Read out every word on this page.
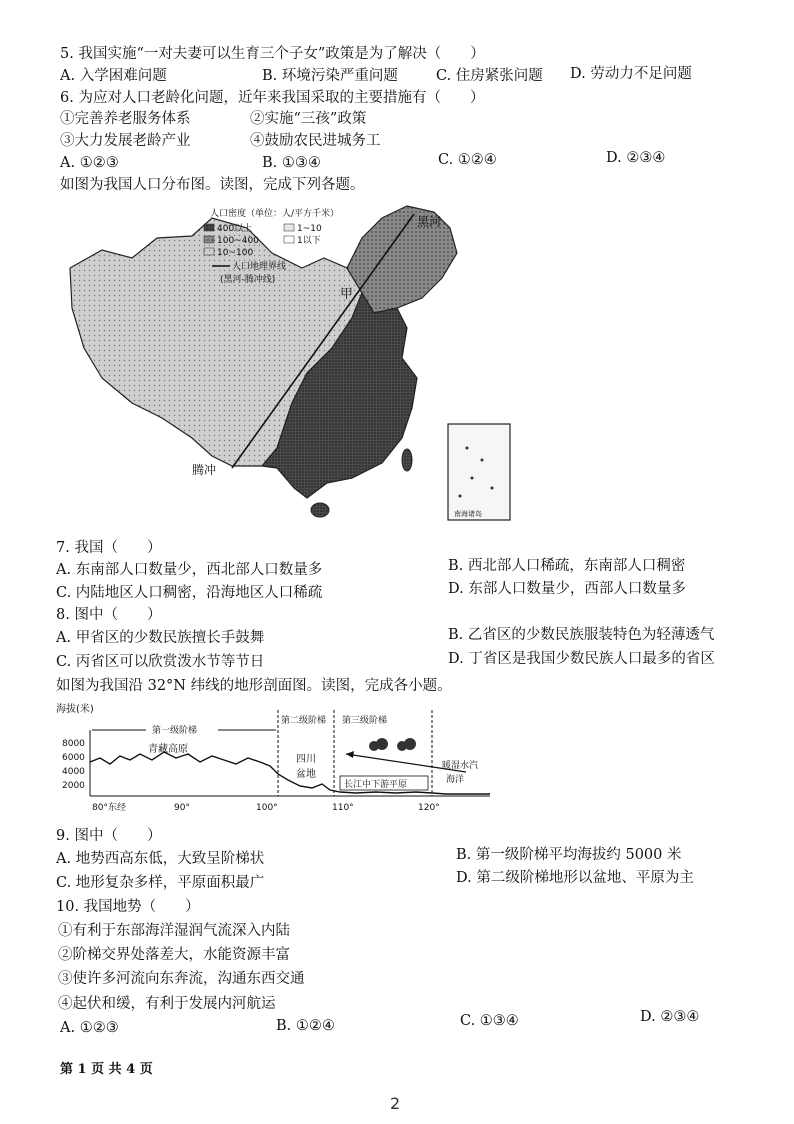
5. 我国实施“一对夫妻可以生育三个子女”政策是为了解决（　　）
A. 入学困难问题	B. 环境污染严重问题	C. 住房紧张问题 D. 劳动力不足问题
6. 为应对人口老龄化问题，近年来我国采取的主要措施有（　　）
①完善养老服务体系	②实施“三孩”政策
③大力发展老龄产业	④鼓励农民进城务工
A. ①②③	B. ①③④	C. ①②④	D. ②③④
如图为我国人口分布图。读图，完成下列各题。
人口密度（单位：人/平方千米）
400以上
100~400
10~100
1~10
1以下
人口地理界线
(黑河-腾冲线)
黑河
腾冲
甲
南海诸岛
7. 我国（　　）
A. 东南部人口数量少，西北部人口数量多	B. 西北部人口稀疏，东南部人口稠密
C. 内陆地区人口稠密，沿海地区人口稀疏	D. 东部人口数量少，西部人口数量多
8. 图中（　　）
A. 甲省区的少数民族擅长手鼓舞	B. 乙省区的少数民族服装特色为轻薄透气
C. 丙省区可以欣赏泼水节等节日	D. 丁省区是我国少数民族人口最多的省区
如图为我国沿 32°N 纬线的地形剖面图。读图，完成各小题。
海拔(米)
8000
6000
4000
2000
第一级阶梯
第二级阶梯 第三级阶梯
青藏高原
四川
盆地
长江中下游平原
暖湿水汽
海洋
80°东经	90°	100°	110°	120°
9. 图中（　　）
A. 地势西高东低，大致呈阶梯状	B. 第一级阶梯平均海拔约 5000 米
C. 地形复杂多样，平原面积最广	D. 第二级阶梯地形以盆地、平原为主
10. 我国地势（　　）
①有利于东部海洋湿润气流深入内陆
②阶梯交界处落差大，水能资源丰富
③使许多河流向东奔流，沟通东西交通
④起伏和缓，有利于发展内河航运
A. ①②③	B. ①②④	C. ①③④	D. ②③④
第 1 页 共 4 页
2
